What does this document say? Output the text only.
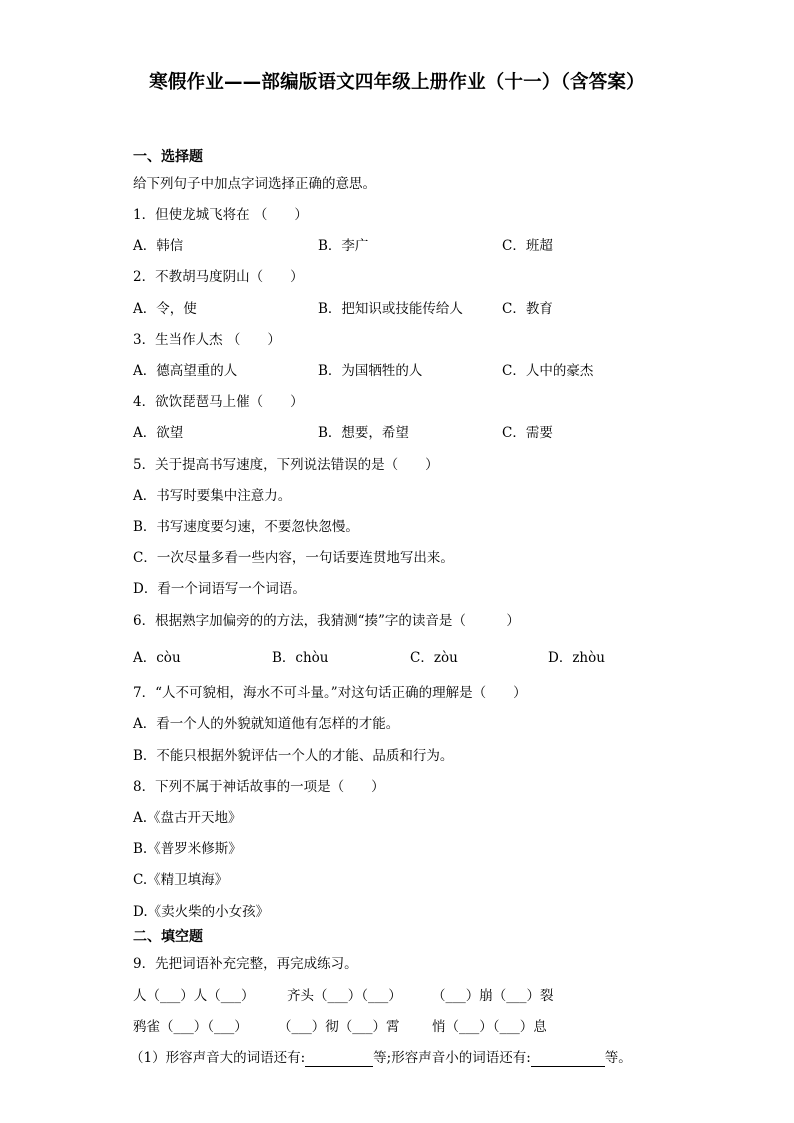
寒假作业——部编版语文四年级上册作业（十一）（含答案）
一、选择题
给下列句子中加点字词选择正确的意思。
1．但使龙城飞将在 （　　）
A．韩信	B．李广	C．班超
2．不教胡马度阴山（　　）
A．令，使	B．把知识或技能传给人	C．教育
3．生当作人杰 （　　）
A．德高望重的人	B．为国牺牲的人	C．人中的豪杰
4．欲饮琵琶马上催（　　）
A．欲望	B．想要，希望	C．需要
5．关于提高书写速度，下列说法错误的是（　　）
A．书写时要集中注意力。
B．书写速度要匀速，不要忽快忽慢。
C．一次尽量多看一些内容，一句话要连贯地写出来。
D．看一个词语写一个词语。
6．根据熟字加偏旁的的方法，我猜测“揍”字的读音是（　　　）
A．còu	B．chòu	C．zòu	D．zhòu
7．“人不可貌相，海水不可斗量。”对这句话正确的理解是（　　）
A．看一个人的外貌就知道他有怎样的才能。
B．不能只根据外貌评估一个人的才能、品质和行为。
8．下列不属于神话故事的一项是（　　）
A.《盘古开天地》
B.《普罗米修斯》
C.《精卫填海》
D.《卖火柴的小女孩》
二、填空题
9．先把词语补充完整，再完成练习。
人（___）人（___） 齐头（___）（___） （___）崩（___）裂
鸦雀（___）（___） （___）彻（___）霄 悄（___）（___）息
（1）形容声音大的词语还有:	等;形容声音小的词语还有:	等。
